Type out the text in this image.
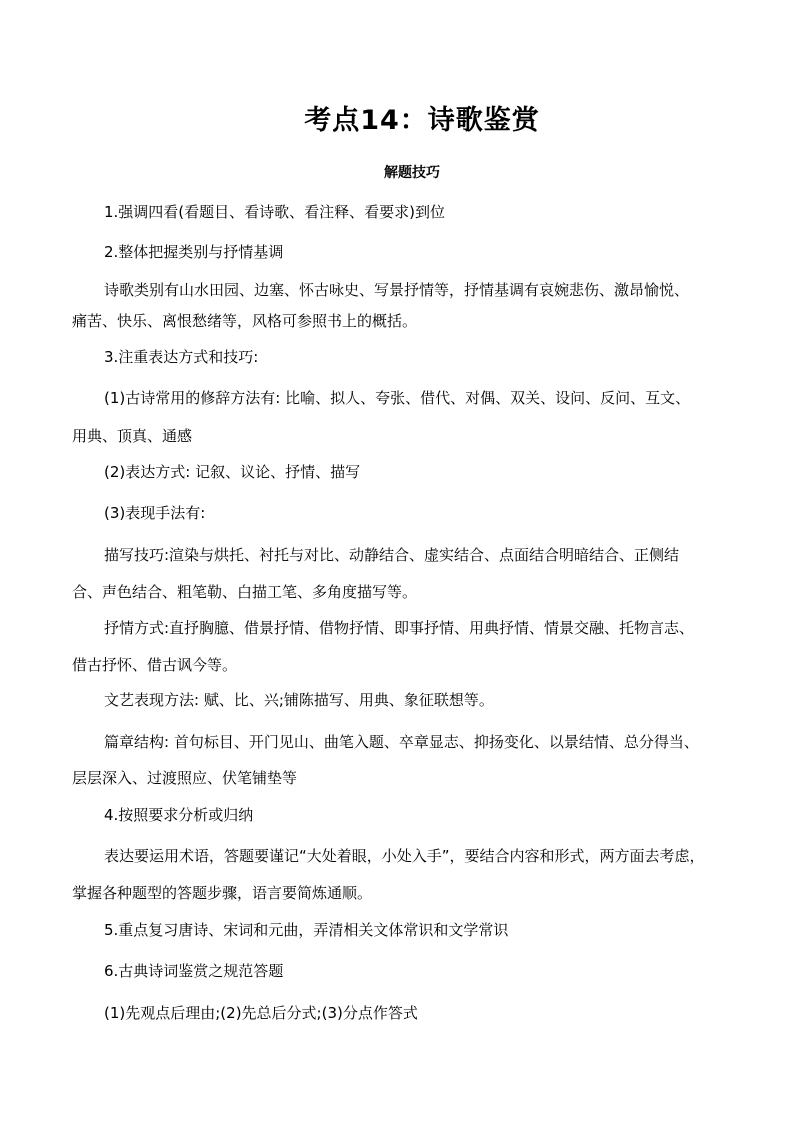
考点14：诗歌鉴赏
解题技巧
1.强调四看(看题目、看诗歌、看注释、看要求)到位
2.整体把握类别与抒情基调
诗歌类别有山水田园、边塞、怀古咏史、写景抒情等，抒情基调有哀婉悲伤、激昂愉悦、
痛苦、快乐、离恨愁绪等，风格可参照书上的概括。
3.注重表达方式和技巧:
(1)古诗常用的修辞方法有: 比喻、拟人、夸张、借代、对偶、双关、设问、反问、互文、
用典、顶真、通感
(2)表达方式: 记叙、议论、抒情、描写
(3)表现手法有:
描写技巧:渲染与烘托、衬托与对比、动静结合、虚实结合、点面结合明暗结合、正侧结
合、声色结合、粗笔勒、白描工笔、多角度描写等。
抒情方式:直抒胸臆、借景抒情、借物抒情、即事抒情、用典抒情、情景交融、托物言志、
借古抒怀、借古讽今等。
文艺表现方法: 赋、比、兴;铺陈描写、用典、象征联想等。
篇章结构: 首句标目、开门见山、曲笔入题、卒章显志、抑扬变化、以景结情、总分得当、
层层深入、过渡照应、伏笔铺垫等
4.按照要求分析或归纳
表达要运用术语，答题要谨记“大处着眼，小处入手”，要结合内容和形式，两方面去考虑，
掌握各种题型的答题步骤，语言要简炼通顺。
5.重点复习唐诗、宋词和元曲，弄清相关文体常识和文学常识
6.古典诗词鉴赏之规范答题
(1)先观点后理由;(2)先总后分式;(3)分点作答式
